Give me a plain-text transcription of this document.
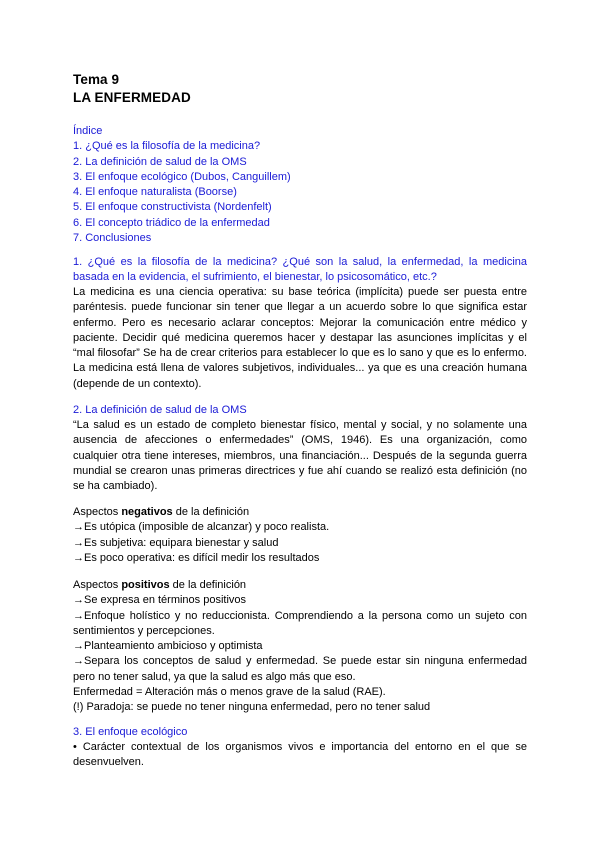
Tema 9
LA ENFERMEDAD
Índice
1. ¿Qué es la filosofía de la medicina?
2. La definición de salud de la OMS
3. El enfoque ecológico (Dubos, Canguillem)
4. El enfoque naturalista (Boorse)
5. El enfoque constructivista (Nordenfelt)
6. El concepto triádico de la enfermedad
7. Conclusiones
1. ¿Qué es la filosofía de la medicina? ¿Qué son la salud, la enfermedad, la medicina
basada en la evidencia, el sufrimiento, el bienestar, lo psicosomático, etc.?
La medicina es una ciencia operativa: su base teórica (implícita) puede ser puesta entre
paréntesis. puede funcionar sin tener que llegar a un acuerdo sobre lo que significa estar
enfermo. Pero es necesario aclarar conceptos: Mejorar la comunicación entre médico y
paciente. Decidir qué medicina queremos hacer y destapar las asunciones implícitas y el
“mal filosofar” Se ha de crear criterios para establecer lo que es lo sano y que es lo enfermo.
La medicina está llena de valores subjetivos, individuales... ya que es una creación humana
(depende de un contexto).
2. La definición de salud de la OMS
“La salud es un estado de completo bienestar físico, mental y social, y no solamente una
ausencia de afecciones o enfermedades” (OMS, 1946). Es una organización, como
cualquier otra tiene intereses, miembros, una financiación... Después de la segunda guerra
mundial se crearon unas primeras directrices y fue ahí cuando se realizó esta definición (no
se ha cambiado).
Aspectos negativos de la definición
→Es utópica (imposible de alcanzar) y poco realista.
→Es subjetiva: equipara bienestar y salud
→Es poco operativa: es difícil medir los resultados
Aspectos positivos de la definición
→Se expresa en términos positivos
→Enfoque holístico y no reduccionista. Comprendiendo a la persona como un sujeto con
sentimientos y percepciones.
→Planteamiento ambicioso y optimista
→Separa los conceptos de salud y enfermedad. Se puede estar sin ninguna enfermedad
pero no tener salud, ya que la salud es algo más que eso.
Enfermedad = Alteración más o menos grave de la salud (RAE).
(!) Paradoja: se puede no tener ninguna enfermedad, pero no tener salud
3. El enfoque ecológico
• Carácter contextual de los organismos vivos e importancia del entorno en el que se
desenvuelven.
